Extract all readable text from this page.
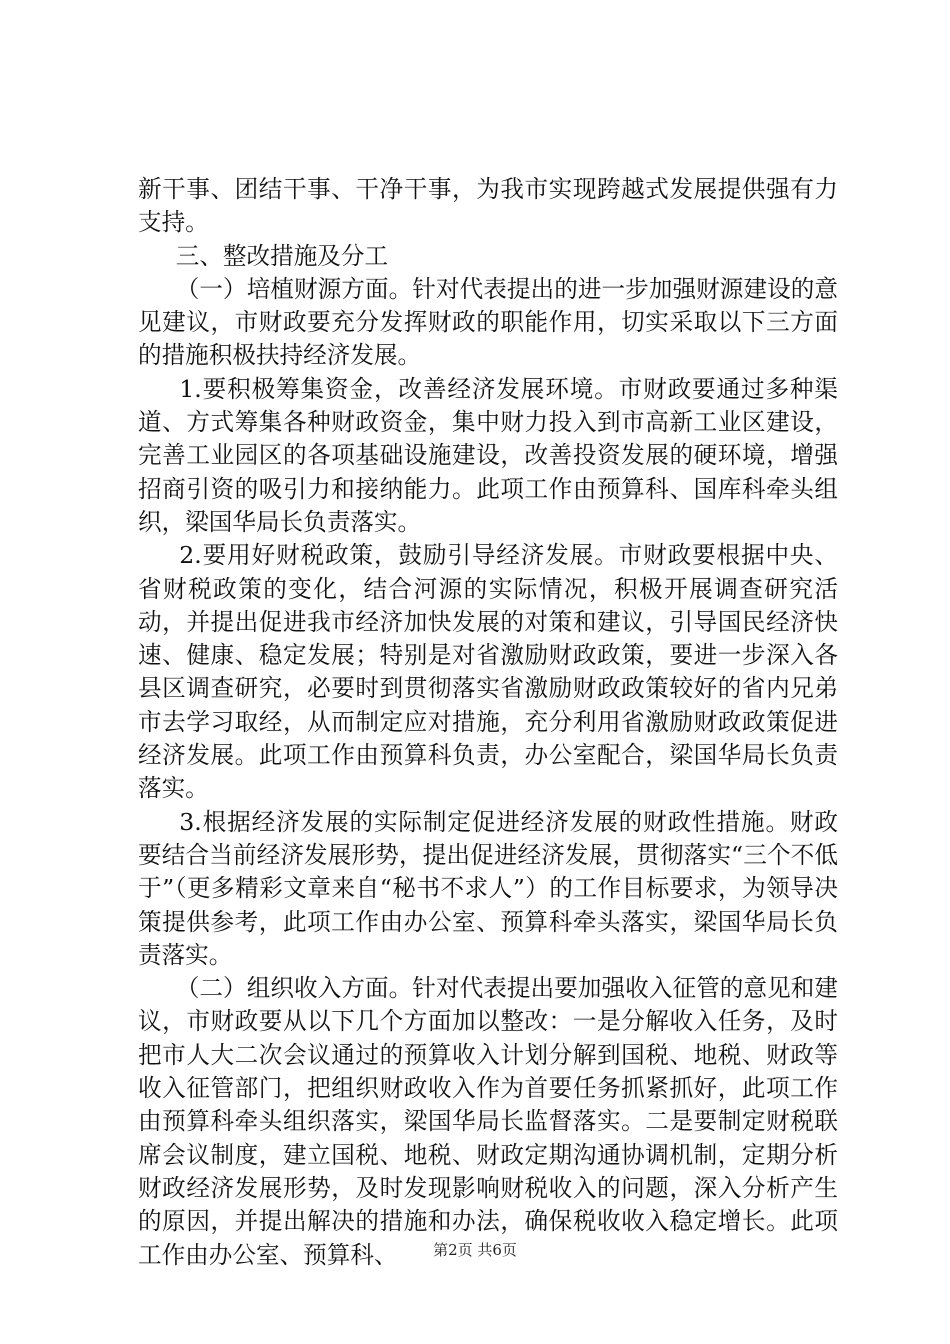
新干事、团结干事、干净干事，为我市实现跨越式发展提供强有力支持。

三、整改措施及分工

（一）培植财源方面。针对代表提出的进一步加强财源建设的意见建议，市财政要充分发挥财政的职能作用，切实采取以下三方面的措施积极扶持经济发展。

1.要积极筹集资金，改善经济发展环境。市财政要通过多种渠道、方式筹集各种财政资金，集中财力投入到市高新工业区建设，完善工业园区的各项基础设施建设，改善投资发展的硬环境，增强招商引资的吸引力和接纳能力。此项工作由预算科、国库科牵头组织，梁国华局长负责落实。

2.要用好财税政策，鼓励引导经济发展。市财政要根据中央、省财税政策的变化，结合河源的实际情况，积极开展调查研究活动，并提出促进我市经济加快发展的对策和建议，引导国民经济快速、健康、稳定发展；特别是对省激励财政政策，要进一步深入各县区调查研究，必要时到贯彻落实省激励财政政策较好的省内兄弟市去学习取经，从而制定应对措施，充分利用省激励财政政策促进经济发展。此项工作由预算科负责，办公室配合，梁国华局长负责落实。

3.根据经济发展的实际制定促进经济发展的财政性措施。财政要结合当前经济发展形势，提出促进经济发展，贯彻落实“三个不低于”（更多精彩文章来自“秘书不求人”）的工作目标要求，为领导决策提供参考，此项工作由办公室、预算科牵头落实，梁国华局长负责落实。

（二）组织收入方面。针对代表提出要加强收入征管的意见和建议，市财政要从以下几个方面加以整改：一是分解收入任务，及时把市人大二次会议通过的预算收入计划分解到国税、地税、财政等收入征管部门，把组织财政收入作为首要任务抓紧抓好，此项工作由预算科牵头组织落实，梁国华局长监督落实。二是要制定财税联席会议制度，建立国税、地税、财政定期沟通协调机制，定期分析财政经济发展形势，及时发现影响财税收入的问题，深入分析产生的原因，并提出解决的措施和办法，确保税收收入稳定增长。此项工作由办公室、预算科、	第2页 共6页
